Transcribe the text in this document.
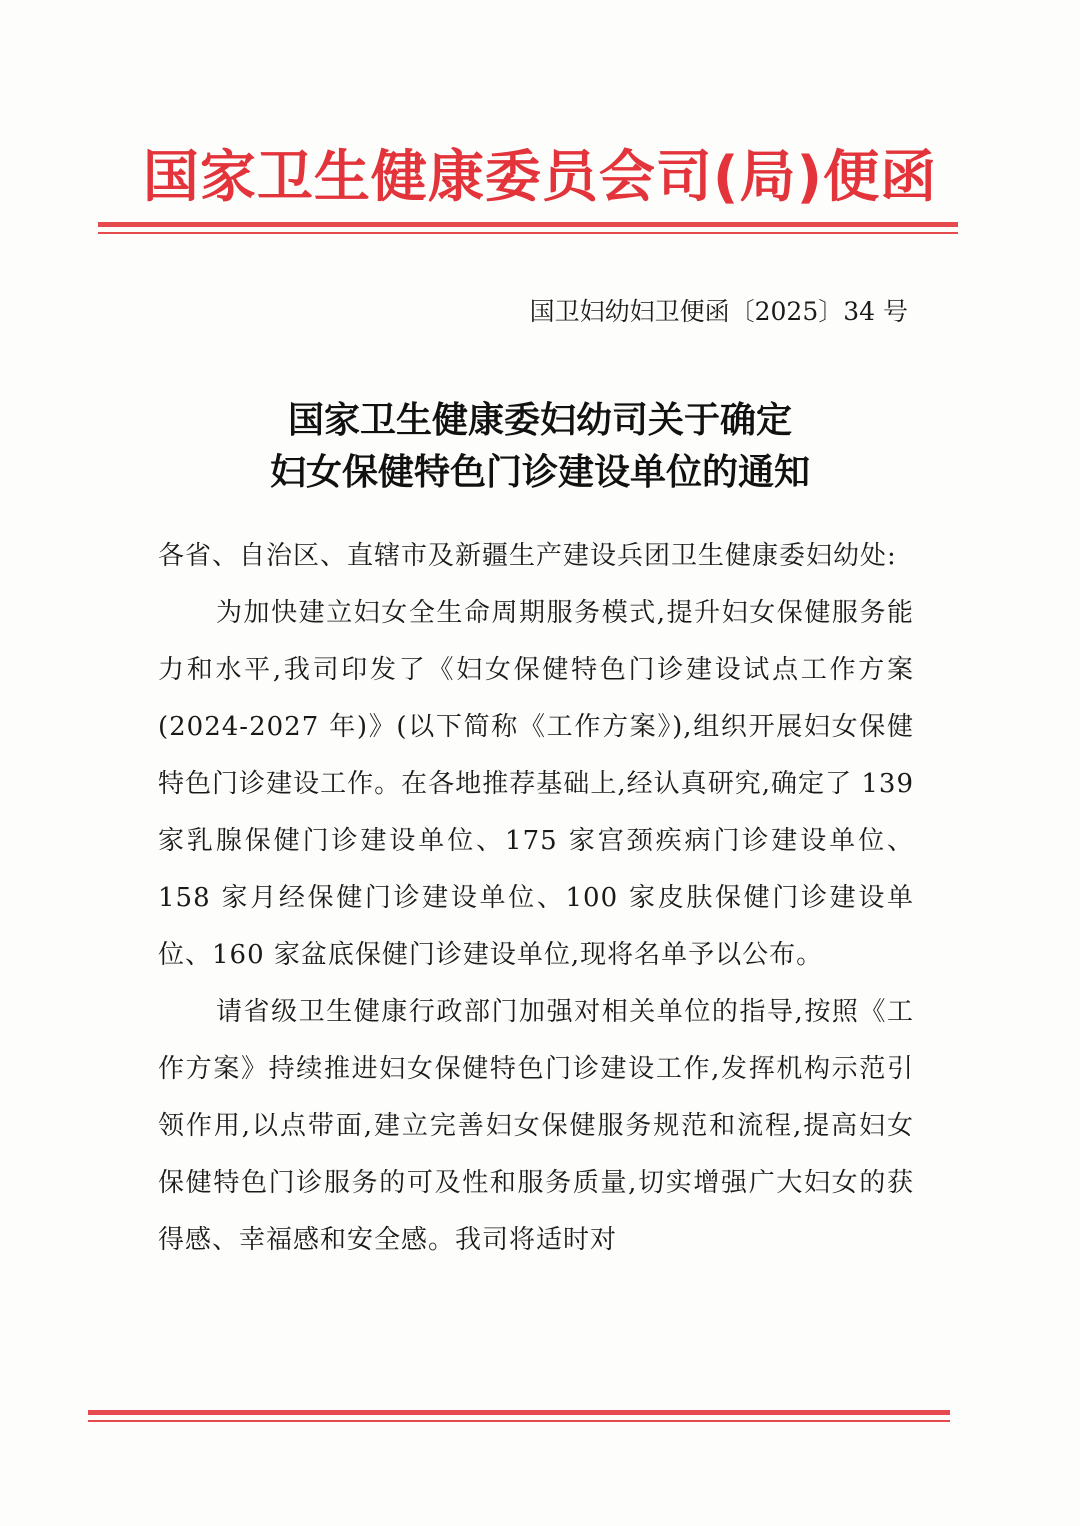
国家卫生健康委员会司(局)便函
国卫妇幼妇卫便函〔2025〕34 号
国家卫生健康委妇幼司关于确定
妇女保健特色门诊建设单位的通知

各省、自治区、直辖市及新疆生产建设兵团卫生健康委妇幼处:

为加快建立妇女全生命周期服务模式,提升妇女保健服务能力和水平,我司印发了《妇女保健特色门诊建设试点工作方案(2024-2027 年)》(以下简称《工作方案》),组织开展妇女保健特色门诊建设工作。在各地推荐基础上,经认真研究,确定了 139 家乳腺保健门诊建设单位、175 家宫颈疾病门诊建设单位、158 家月经保健门诊建设单位、100 家皮肤保健门诊建设单位、160 家盆底保健门诊建设单位,现将名单予以公布。

请省级卫生健康行政部门加强对相关单位的指导,按照《工作方案》持续推进妇女保健特色门诊建设工作,发挥机构示范引领作用,以点带面,建立完善妇女保健服务规范和流程,提高妇女保健特色门诊服务的可及性和服务质量,切实增强广大妇女的获得感、幸福感和安全感。我司将适时对
